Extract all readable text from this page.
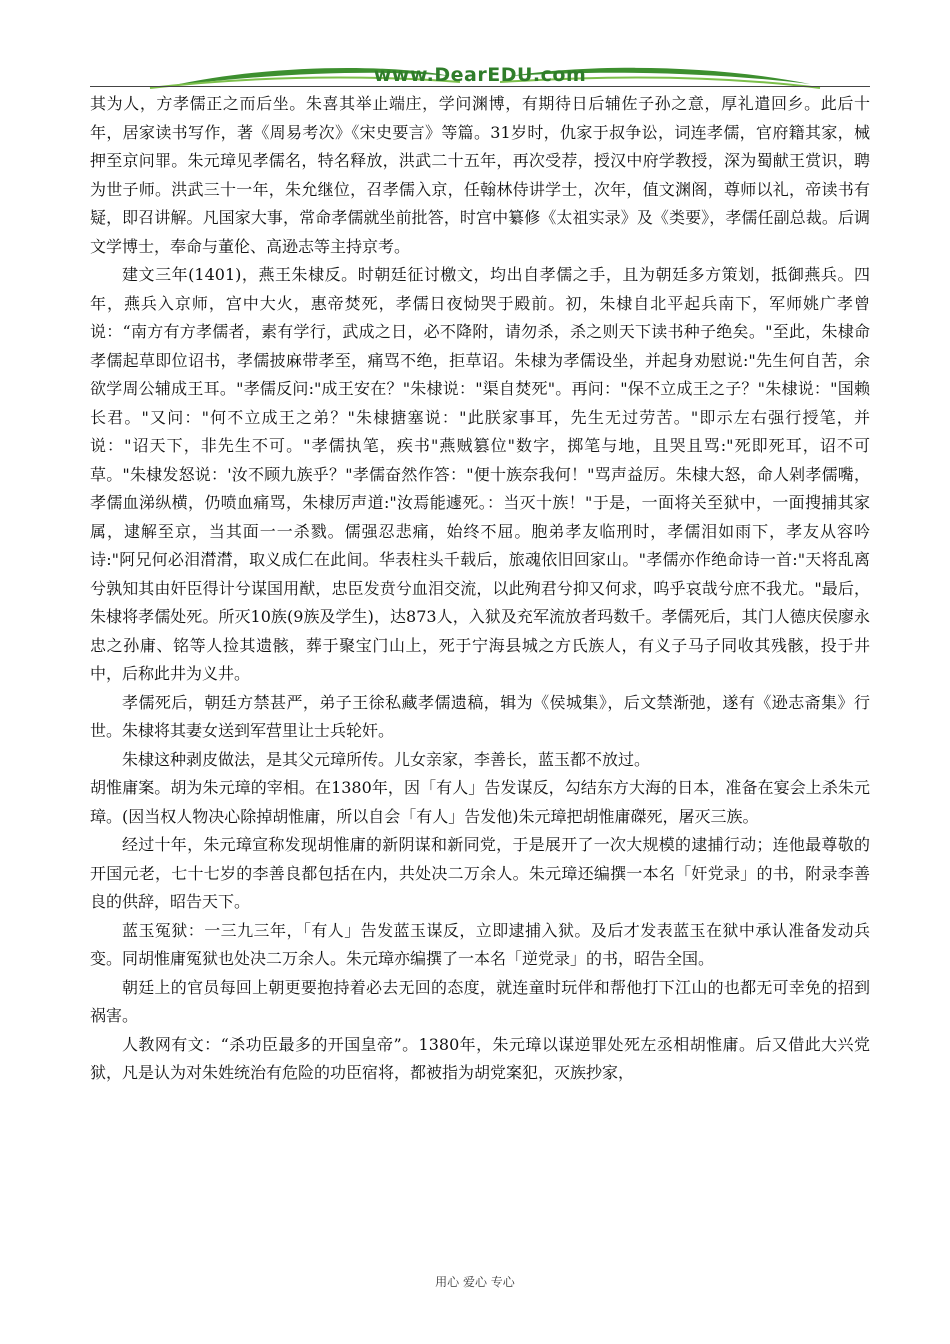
www.DearEDU.com

其为人，方孝儒正之而后坐。朱喜其举止端庄，学问渊博，有期待日后辅佐子孙之意，厚礼遣回乡。此后十年，居家读书写作，著《周易考次》《宋史要言》等篇。31岁时，仇家于叔争讼，词连孝儒，官府籍其家，械押至京问罪。朱元璋见孝儒名，特名释放，洪武二十五年，再次受荐，授汉中府学教授，深为蜀献王赏识，聘为世子师。洪武三十一年，朱允继位，召孝儒入京，任翰林侍讲学士，次年，值文渊阁，尊师以礼，帝读书有疑，即召讲解。凡国家大事，常命孝儒就坐前批答，时宫中纂修《太祖实录》及《类要》，孝儒任副总裁。后调文学博士，奉命与董伦、高逊志等主持京考。

建文三年(1401)，燕王朱棣反。时朝廷征讨檄文，均出自孝儒之手，且为朝廷多方策划，抵御燕兵。四年，燕兵入京师，宫中大火，惠帝焚死，孝儒日夜恸哭于殿前。初，朱棣自北平起兵南下，军师姚广孝曾说：“南方有方孝儒者，素有学行，武成之日，必不降附，请勿杀，杀之则天下读书种子绝矣。"至此，朱棣命孝儒起草即位诏书，孝儒披麻带孝至，痛骂不绝，拒草诏。朱棣为孝儒设坐，并起身劝慰说:"先生何自苦，余欲学周公辅成王耳。"孝儒反问:"成王安在？"朱棣说："渠自焚死"。再问："保不立成王之子？"朱棣说："国赖长君。"又问："何不立成王之弟？"朱棣搪塞说："此朕家事耳，先生无过劳苦。"即示左右强行授笔，并说："诏天下，非先生不可。"孝儒执笔，疾书"燕贼篡位"数字，掷笔与地，且哭且骂:"死即死耳，诏不可草。"朱棣发怒说：'汝不顾九族乎？"孝儒奋然作答："便十族奈我何！"骂声益厉。朱棣大怒，命人剁孝儒嘴，孝儒血涕纵横，仍喷血痛骂，朱棣厉声道:"汝焉能遽死。：当灭十族！"于是，一面将关至狱中，一面搜捕其家属，逮解至京，当其面一一杀戮。儒强忍悲痛，始终不屈。胞弟孝友临刑时，孝儒泪如雨下，孝友从容吟诗:"阿兄何必泪潸潸，取义成仁在此间。华表柱头千载后，旅魂依旧回家山。"孝儒亦作绝命诗一首:"天将乱离兮孰知其由奸臣得计兮谋国用猷，忠臣发贲兮血泪交流，以此殉君兮抑又何求，呜乎哀哉兮庶不我尤。"最后，朱棣将孝儒处死。所灭10族(9族及学生)，达873人，入狱及充军流放者玛数千。孝儒死后，其门人德庆侯廖永忠之孙庸、铭等人捡其遗骸，葬于聚宝门山上，死于宁海县城之方氏族人，有义子马子同收其残骸，投于井中，后称此井为义井。

孝儒死后，朝廷方禁甚严，弟子王徐私藏孝儒遗稿，辑为《侯城集》，后文禁渐弛，遂有《逊志斋集》行世。朱棣将其妻女送到军营里让士兵轮奸。

朱棣这种剥皮做法，是其父元璋所传。儿女亲家，李善长，蓝玉都不放过。

胡惟庸案。胡为朱元璋的宰相。在1380年，因「有人」告发谋反，勾结东方大海的日本，准备在宴会上杀朱元璋。(因当权人物决心除掉胡惟庸，所以自会「有人」告发他)朱元璋把胡惟庸磔死，屠灭三族。

经过十年，朱元璋宣称发现胡惟庸的新阴谋和新同党，于是展开了一次大规模的逮捕行动；连他最尊敬的开国元老，七十七岁的李善良都包括在内，共处决二万余人。朱元璋还编撰一本名「奸党录」的书，附录李善良的供辞，昭告天下。

蓝玉冤狱：一三九三年，「有人」告发蓝玉谋反，立即逮捕入狱。及后才发表蓝玉在狱中承认准备发动兵变。同胡惟庸冤狱也处决二万余人。朱元璋亦编撰了一本名「逆党录」的书，昭告全国。

朝廷上的官员每回上朝更要抱持着必去无回的态度，就连童时玩伴和帮他打下江山的也都无可幸免的招到祸害。

人教网有文：“杀功臣最多的开国皇帝”。1380年，朱元璋以谋逆罪处死左丞相胡惟庸。后又借此大兴党狱，凡是认为对朱姓统治有危险的功臣宿将，都被指为胡党案犯，灭族抄家，

用心 爱心 专心
